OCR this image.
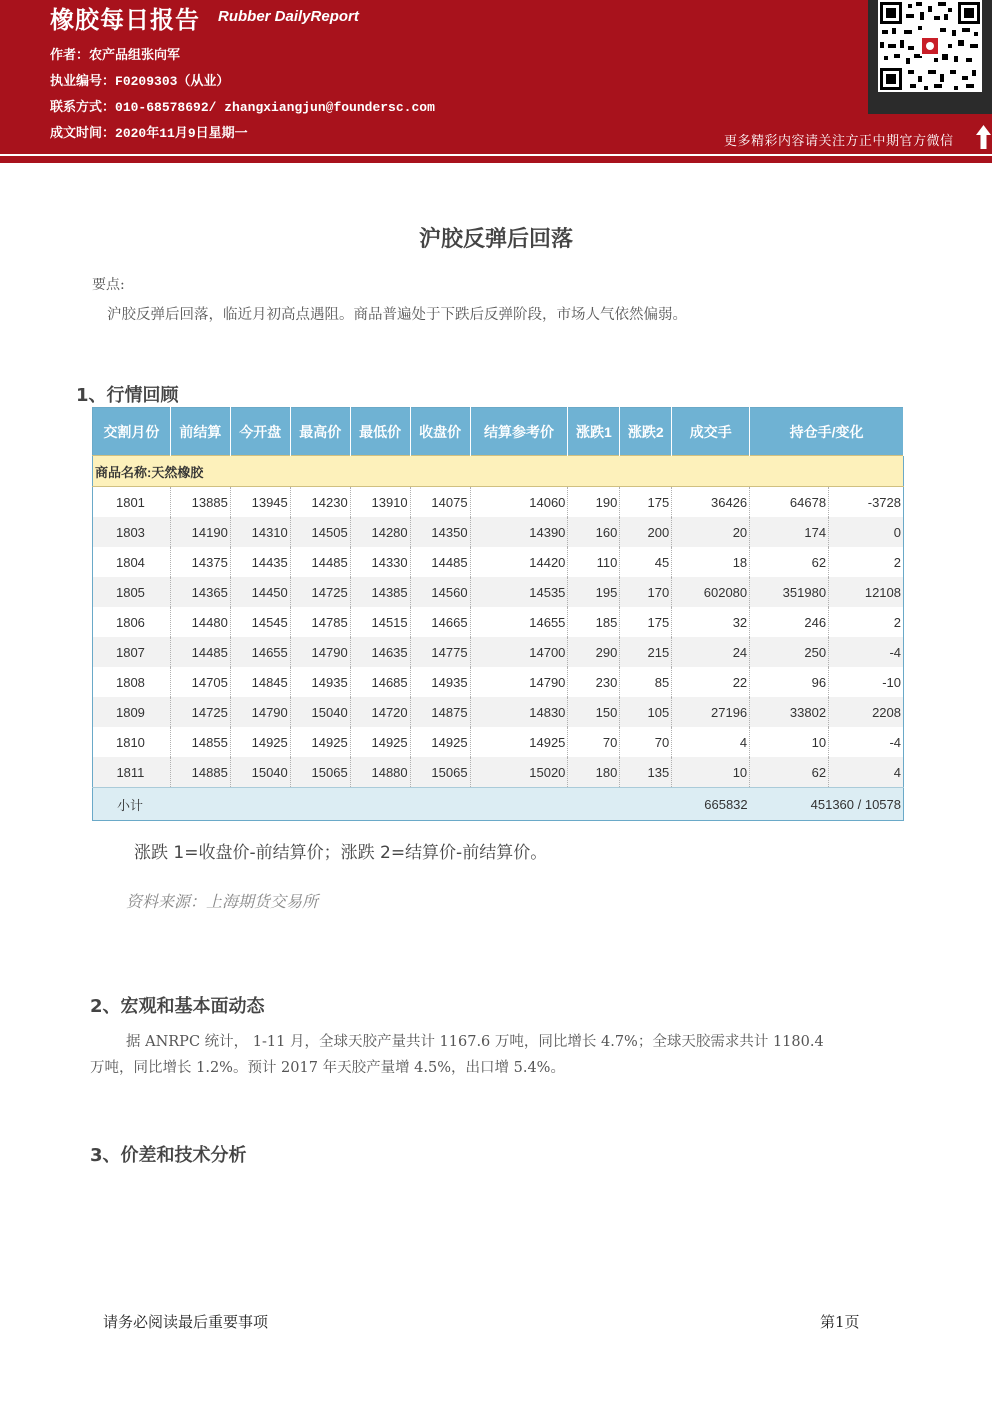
橡胶每日报告 Rubber DailyReport
作者：农产品组张向军
执业编号：F0209303（从业）
联系方式：010-68578692/ zhangxiangjun@foundersc.com
成文时间：2020年11月9日星期一
更多精彩内容请关注方正中期官方微信
沪胶反弹后回落
要点:
沪胶反弹后回落，临近月初高点遇阻。商品普遍处于下跌后反弹阶段，市场人气依然偏弱。
1、行情回顾
交割月份	前结算	今开盘	最高价	最低价	收盘价	结算参考价	涨跌1	涨跌2	成交手	持仓手/变化	
商品名称:天然橡胶											
1801	13885	13945	14230	13910	14075	14060	190	175	36426	64678	-3728
1803	14190	14310	14505	14280	14350	14390	160	200	20	174	0
1804	14375	14435	14485	14330	14485	14420	110	45	18	62	2
1805	14365	14450	14725	14385	14560	14535	195	170	602080	351980	12108
1806	14480	14545	14785	14515	14665	14655	185	175	32	246	2
1807	14485	14655	14790	14635	14775	14700	290	215	24	250	-4
1808	14705	14845	14935	14685	14935	14790	230	85	22	96	-10
1809	14725	14790	15040	14720	14875	14830	150	105	27196	33802	2208
1810	14855	14925	14925	14925	14925	14925	70	70	4	10	-4
1811	14885	15040	15065	14880	15065	15020	180	135	10	62	4
小计									665832	451360 / 10578	
涨跌 1=收盘价-前结算价；涨跌 2=结算价-前结算价。
资料来源：上海期货交易所
2、宏观和基本面动态
据 ANRPC 统计， 1-11 月，全球天胶产量共计 1167.6 万吨，同比增长 4.7%；全球天胶需求共计 1180.4
万吨，同比增长 1.2%。预计 2017 年天胶产量增 4.5%，出口增 5.4%。
3、价差和技术分析
请务必阅读最后重要事项	第1页
